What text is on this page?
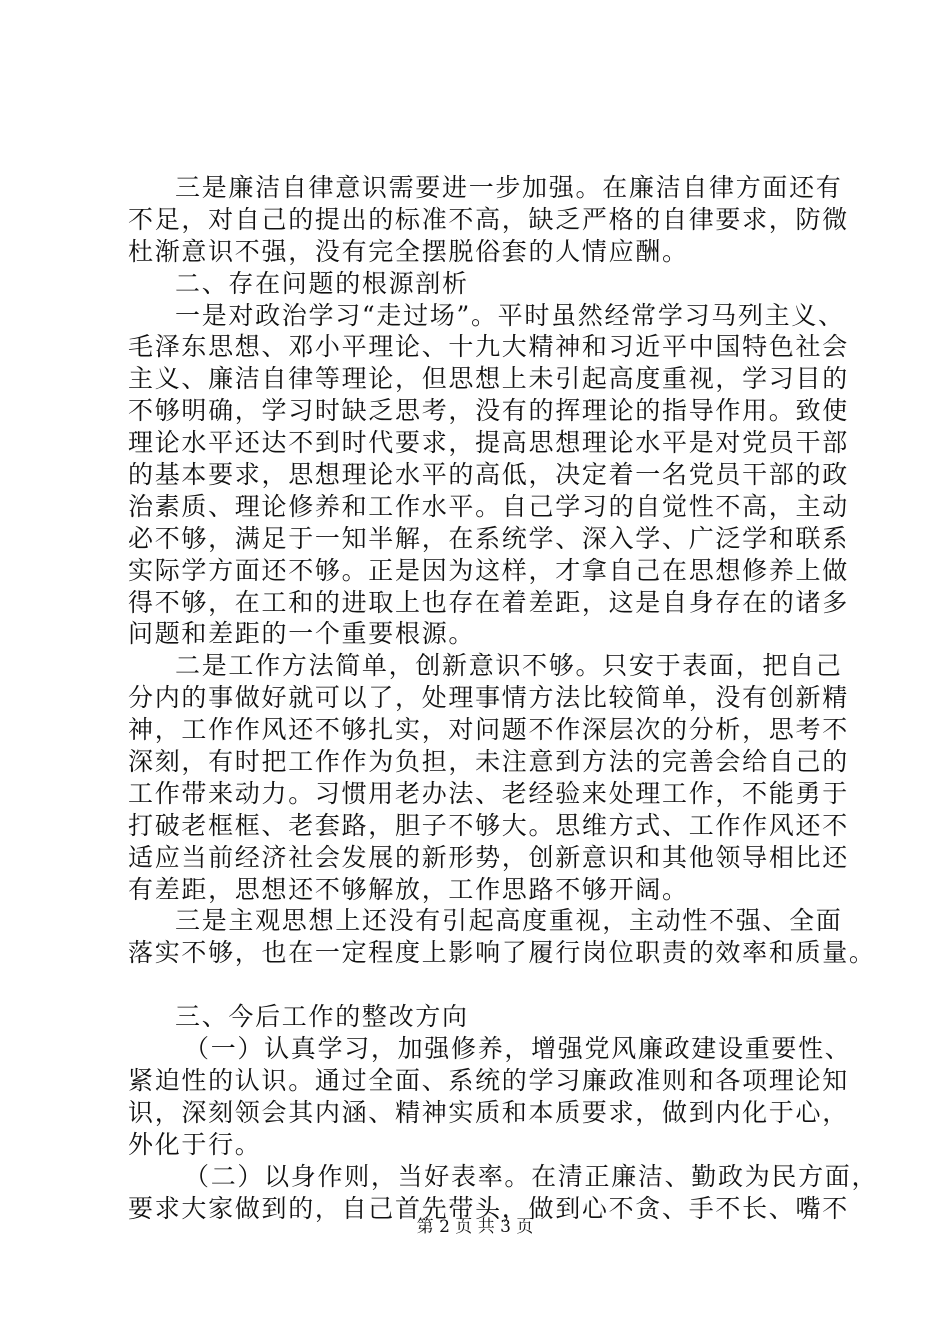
三是廉洁自律意识需要进一步加强。在廉洁自律方面还有
不足，对自己的提出的标准不高，缺乏严格的自律要求，防微
杜渐意识不强，没有完全摆脱俗套的人情应酬。
二、存在问题的根源剖析
一是对政治学习“走过场”。平时虽然经常学习马列主义、
毛泽东思想、邓小平理论、十九大精神和习近平中国特色社会
主义、廉洁自律等理论，但思想上未引起高度重视，学习目的
不够明确，学习时缺乏思考，没有的挥理论的指导作用。致使
理论水平还达不到时代要求，提高思想理论水平是对党员干部
的基本要求，思想理论水平的高低，决定着一名党员干部的政
治素质、理论修养和工作水平。自己学习的自觉性不高，主动
必不够，满足于一知半解，在系统学、深入学、广泛学和联系
实际学方面还不够。正是因为这样，才拿自己在思想修养上做
得不够，在工和的进取上也存在着差距，这是自身存在的诸多
问题和差距的一个重要根源。
二是工作方法简单，创新意识不够。只安于表面，把自己
分内的事做好就可以了，处理事情方法比较简单，没有创新精
神，工作作风还不够扎实，对问题不作深层次的分析，思考不
深刻，有时把工作作为负担，未注意到方法的完善会给自己的
工作带来动力。习惯用老办法、老经验来处理工作，不能勇于
打破老框框、老套路，胆子不够大。思维方式、工作作风还不
适应当前经济社会发展的新形势，创新意识和其他领导相比还
有差距，思想还不够解放，工作思路不够开阔。
三是主观思想上还没有引起高度重视，主动性不强、全面
落实不够，也在一定程度上影响了履行岗位职责的效率和质量。
三、今后工作的整改方向
（一）认真学习，加强修养，增强党风廉政建设重要性、
紧迫性的认识。通过全面、系统的学习廉政准则和各项理论知
识，深刻领会其内涵、精神实质和本质要求，做到内化于心，
外化于行。
（二）以身作则，当好表率。在清正廉洁、勤政为民方面，
要求大家做到的，自己首先带头，做到心不贪、手不长、嘴不
第 2 页 共 3 页
